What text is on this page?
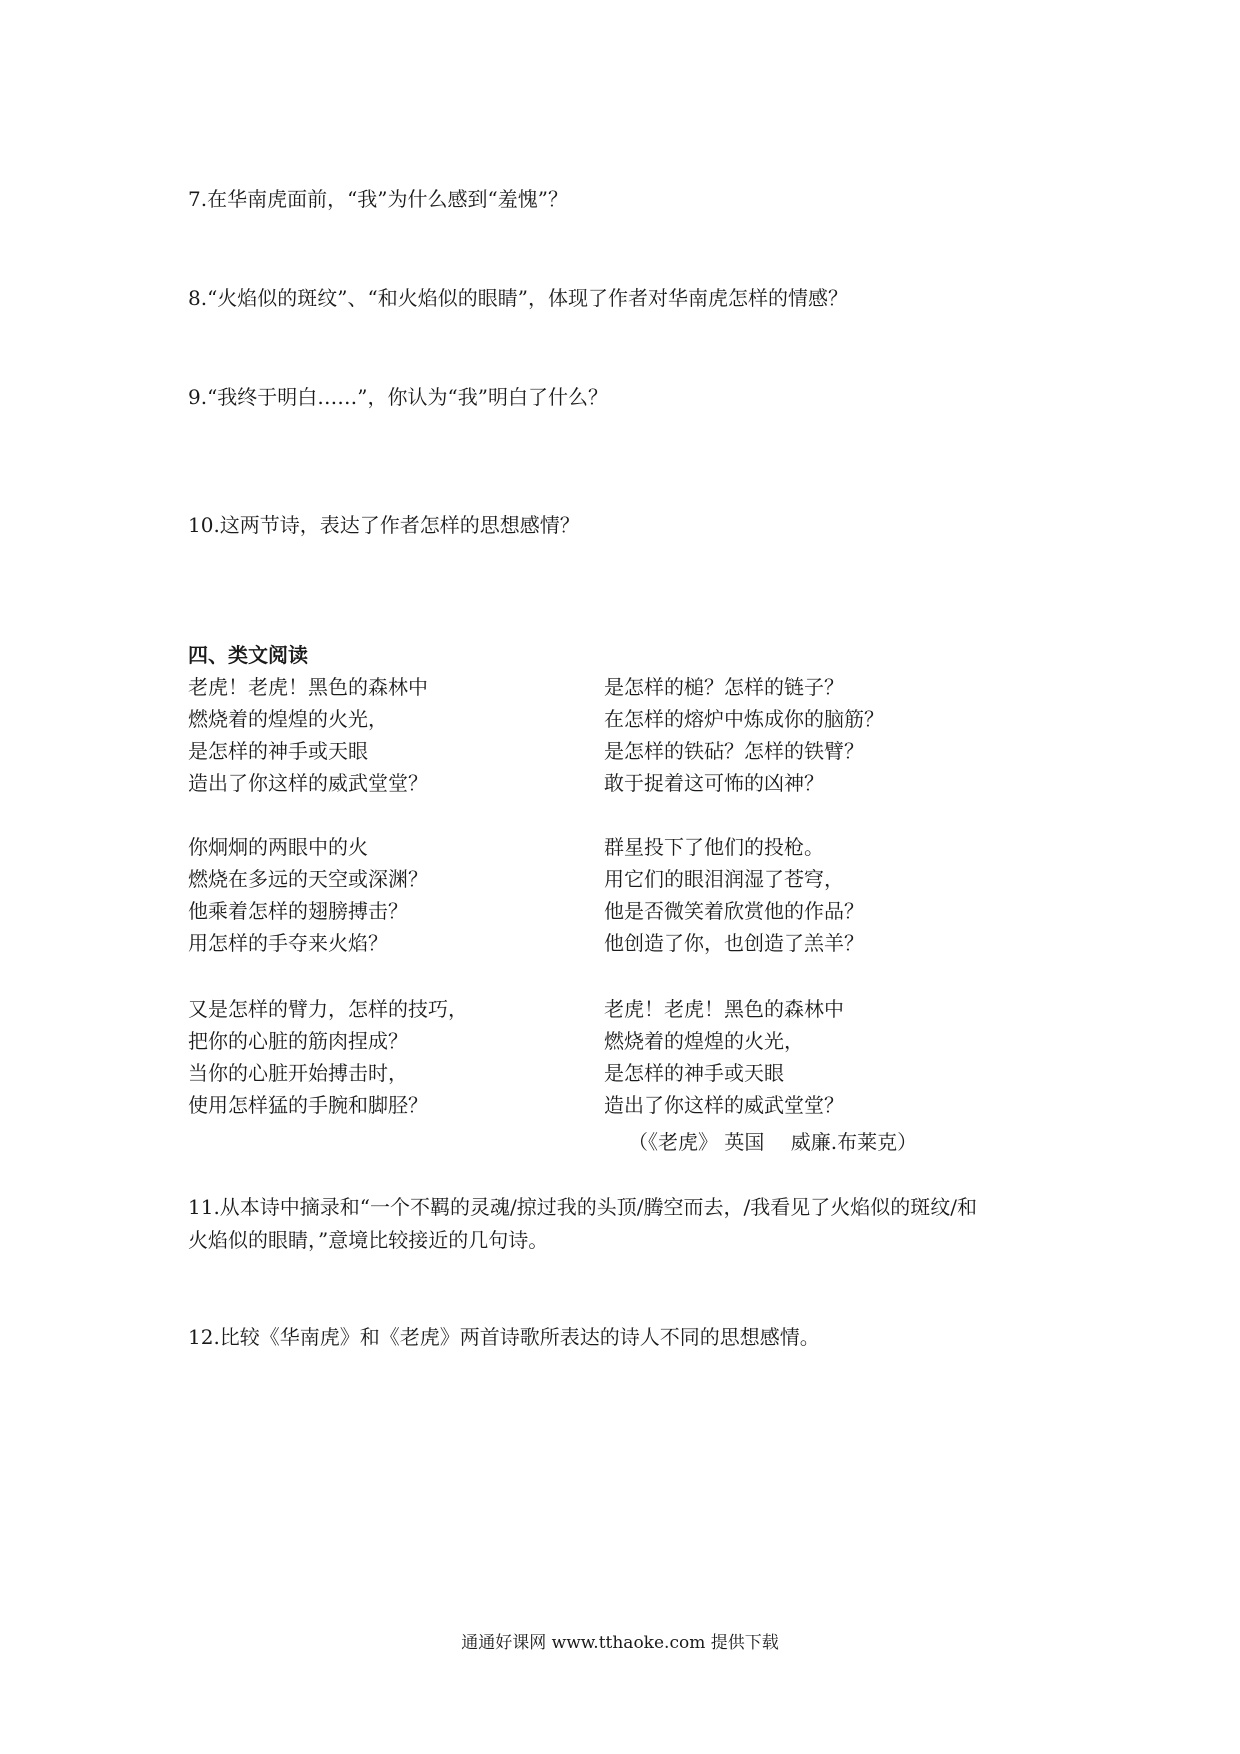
7.在华南虎面前，“我”为什么感到“羞愧”？
8.“火焰似的斑纹”、“和火焰似的眼睛”，体现了作者对华南虎怎样的情感？
9.“我终于明白……”，你认为“我”明白了什么？
10.这两节诗，表达了作者怎样的思想感情？
四、类文阅读
老虎！老虎！黑色的森林中
燃烧着的煌煌的火光，
是怎样的神手或天眼
造出了你这样的威武堂堂？
你炯炯的两眼中的火
燃烧在多远的天空或深渊？
他乘着怎样的翅膀搏击？
用怎样的手夺来火焰？
又是怎样的臂力，怎样的技巧，
把你的心脏的筋肉捏成？
当你的心脏开始搏击时，
使用怎样猛的手腕和脚胫？
是怎样的槌？怎样的链子？
在怎样的熔炉中炼成你的脑筋？
是怎样的铁砧？怎样的铁臂？
敢于捉着这可怖的凶神？
群星投下了他们的投枪。
用它们的眼泪润湿了苍穹，
他是否微笑着欣赏他的作品？
他创造了你，也创造了羔羊？
老虎！老虎！黑色的森林中
燃烧着的煌煌的火光，
是怎样的神手或天眼
造出了你这样的威武堂堂？
（《老虎》 英国　 威廉.布莱克）
11.从本诗中摘录和“一个不羁的灵魂/掠过我的头顶/腾空而去，/我看见了火焰似的斑纹/和
火焰似的眼睛，”意境比较接近的几句诗。
12.比较《华南虎》和《老虎》两首诗歌所表达的诗人不同的思想感情。
通通好课网 www.tthaoke.com 提供下载
